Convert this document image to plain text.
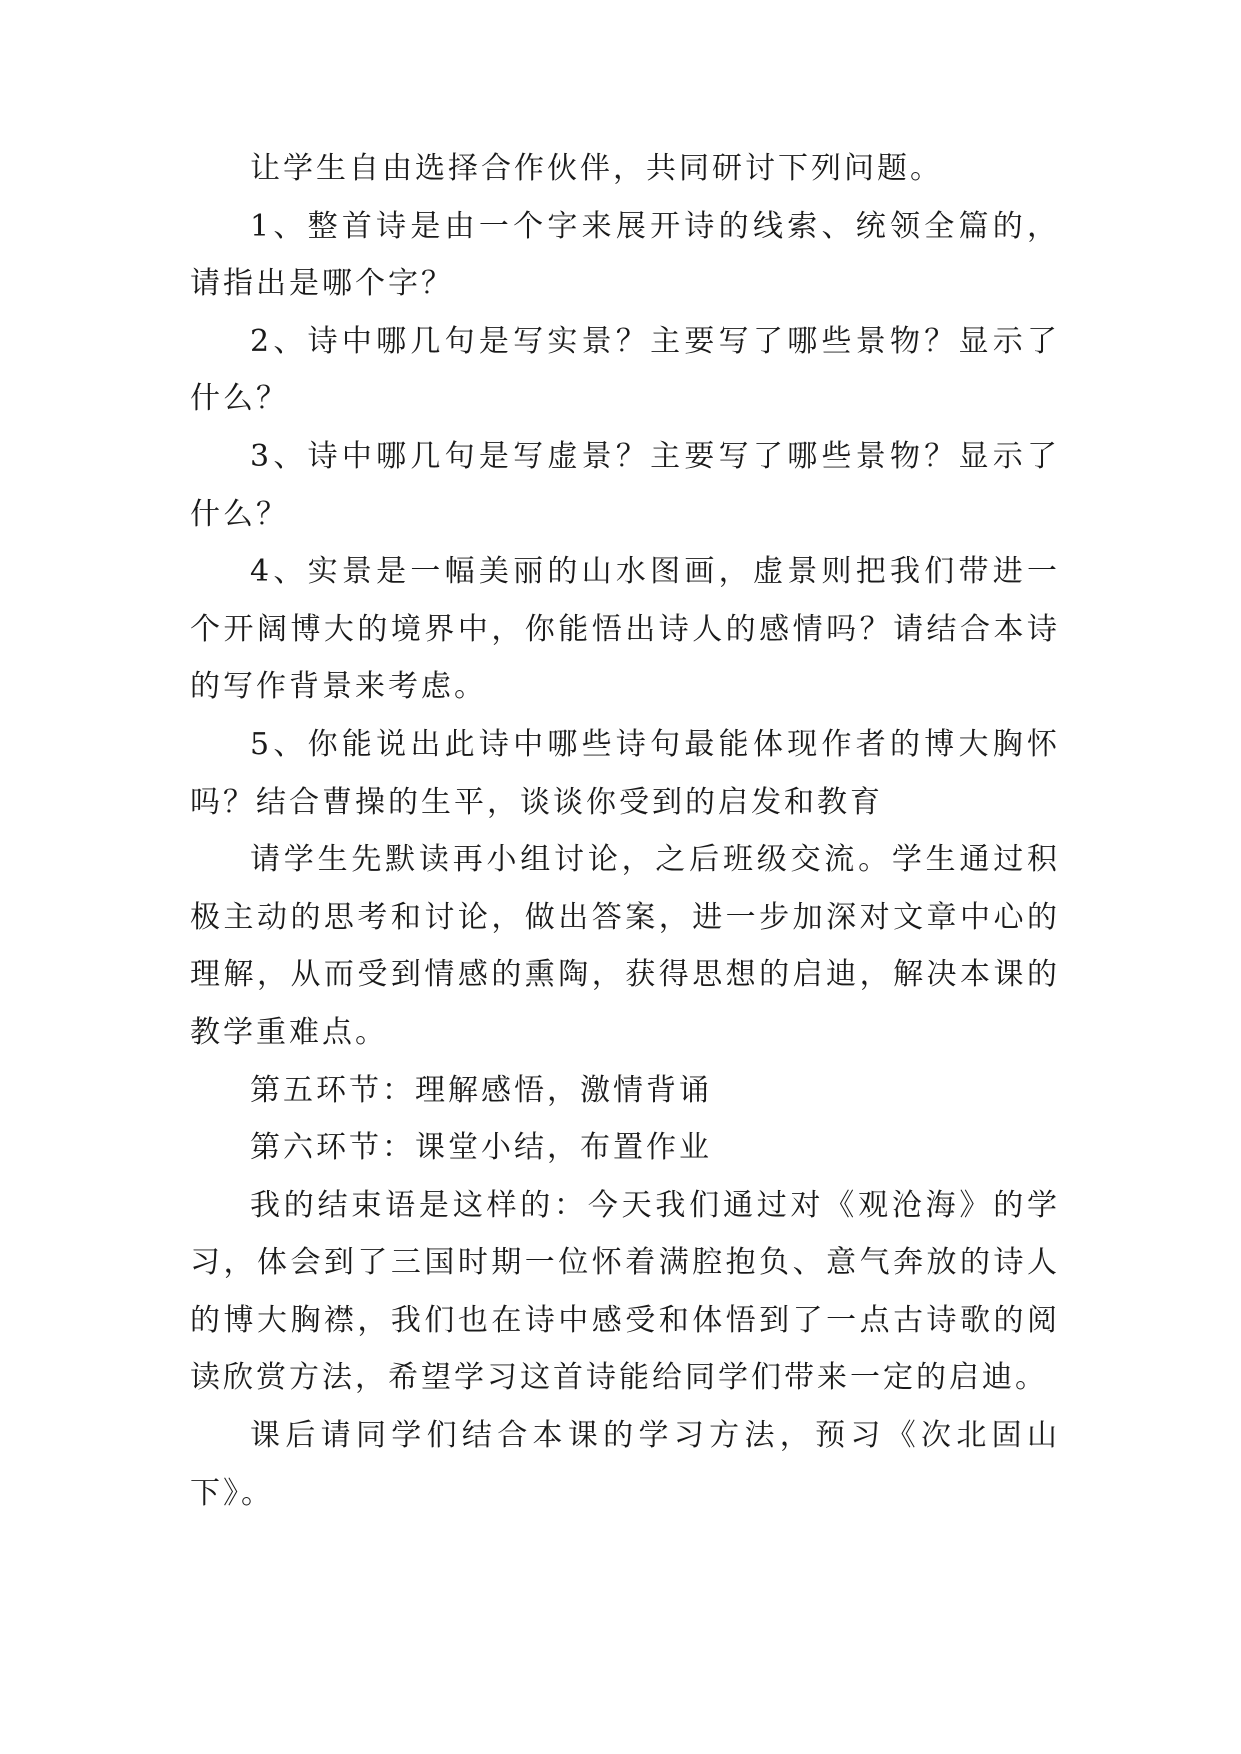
让学生自由选择合作伙伴，共同研讨下列问题。

1、整首诗是由一个字来展开诗的线索、统领全篇的，请指出是哪个字？

2、诗中哪几句是写实景？主要写了哪些景物？显示了什么？

3、诗中哪几句是写虚景？主要写了哪些景物？显示了什么？

4、实景是一幅美丽的山水图画，虚景则把我们带进一个开阔博大的境界中，你能悟出诗人的感情吗？请结合本诗的写作背景来考虑。

5、你能说出此诗中哪些诗句最能体现作者的博大胸怀吗？结合曹操的生平，谈谈你受到的启发和教育

请学生先默读再小组讨论，之后班级交流。学生通过积极主动的思考和讨论，做出答案，进一步加深对文章中心的理解，从而受到情感的熏陶，获得思想的启迪，解决本课的教学重难点。

第五环节：理解感悟，激情背诵

第六环节：课堂小结，布置作业

我的结束语是这样的：今天我们通过对《观沧海》的学习，体会到了三国时期一位怀着满腔抱负、意气奔放的诗人的博大胸襟，我们也在诗中感受和体悟到了一点古诗歌的阅读欣赏方法，希望学习这首诗能给同学们带来一定的启迪。

课后请同学们结合本课的学习方法，预习《次北固山下》。
